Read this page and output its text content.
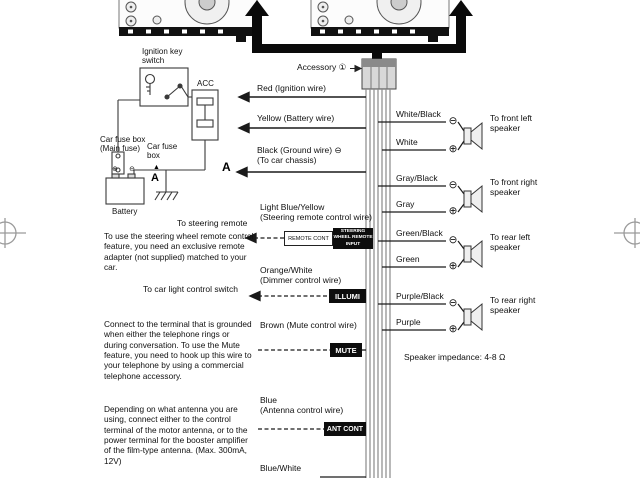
Accessory ①
Ignition key switch
ACC	Red (Ignition wire)
Yellow (Battery wire)
Black (Ground wire) ⊖
(To car chassis)
Car fuse box
(Main fuse) Car fuse box
A
▲
A
⊕ ⊖
Battery
To steering remote
Light Blue/Yellow
(Steering remote control wire)
To use the steering wheel remote control feature, you need an exclusive remote adapter (not supplied) matched to your car.
REMOTE CONT
STEERING WHEEL REMOTE INPUT
Orange/White
(Dimmer control wire)
To car light control switch
ILLUMI
Brown (Mute control wire)
MUTE
Connect to the terminal that is grounded when either the telephone rings or during conversation. To use the Mute feature, you need to hook up this wire to your telephone by using a commercial telephone accessory.
Blue
(Antenna control wire)
ANT CONT
Depending on what antenna you are using, connect either to the control terminal of the motor antenna, or to the power terminal for the booster amplifier of the film-type antenna. (Max. 300mA, 12V)
Blue/White
White/Black
⊖
White
⊕
To front left speaker
Gray/Black
⊖
Gray
⊕
To front right speaker
Green/Black
⊖
Green
⊕
To rear left speaker
Purple/Black
⊖
Purple
⊕
To rear right speaker
Speaker impedance: 4-8 Ω
